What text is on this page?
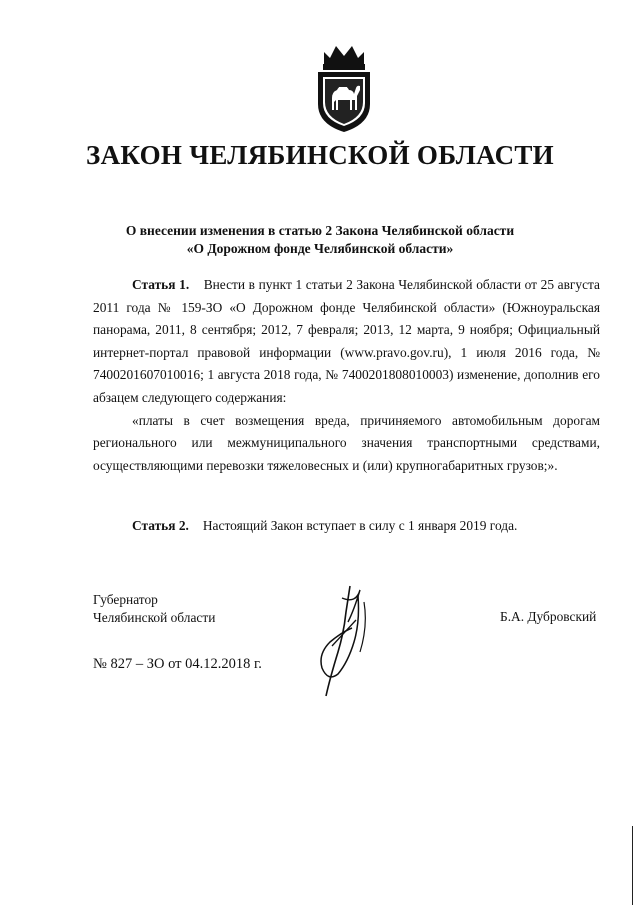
ЗАКОН ЧЕЛЯБИНСКОЙ ОБЛАСТИ
О внесении изменения в статью 2 Закона Челябинской области
«О Дорожном фонде Челябинской области»

Статья 1. Внести в пункт 1 статьи 2 Закона Челябинской области от 25 августа 2011 года № 159-ЗО «О Дорожном фонде Челябинской области» (Южноуральская панорама, 2011, 8 сентября; 2012, 7 февраля; 2013, 12 марта, 9 ноября; Официальный интернет-портал правовой информации (www.pravo.gov.ru), 1 июля 2016 года, № 7400201607010016; 1 августа 2018 года, № 7400201808010003) изменение, дополнив его абзацем следующего содержания:

«платы в счет возмещения вреда, причиняемого автомобильным дорогам регионального или межмуниципального значения транспортными средствами, осуществляющими перевозки тяжеловесных и (или) крупногабаритных грузов;».

Статья 2. Настоящий Закон вступает в силу с 1 января 2019 года.
Губернатор
Челябинской области	Б.А. Дубровский
№ 827 – ЗО от 04.12.2018 г.
